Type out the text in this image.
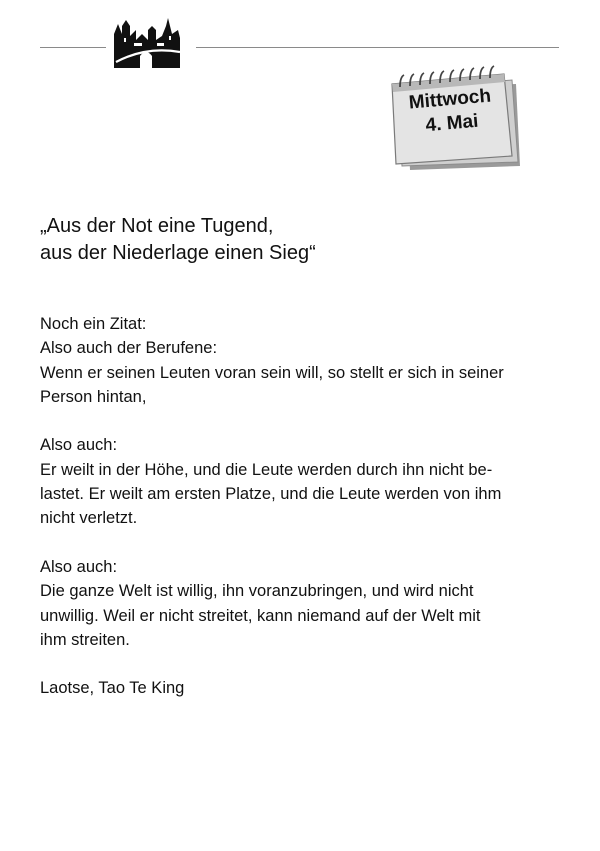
Mittwoch
4. Mai
„Aus der Not eine Tugend,
aus der Niederlage einen Sieg“
Noch ein Zitat:
Also auch der Berufene:
Wenn er seinen Leuten voran sein will, so stellt er sich in seiner
Person hintan,
Also auch:
Er weilt in der Höhe, und die Leute werden durch ihn nicht be-
lastet. Er weilt am ersten Platze, und die Leute werden von ihm
nicht verletzt.
Also auch:
Die ganze Welt ist willig, ihn voranzubringen, und wird nicht
unwillig. Weil er nicht streitet, kann niemand auf der Welt mit
ihm streiten.
Laotse, Tao Te King
